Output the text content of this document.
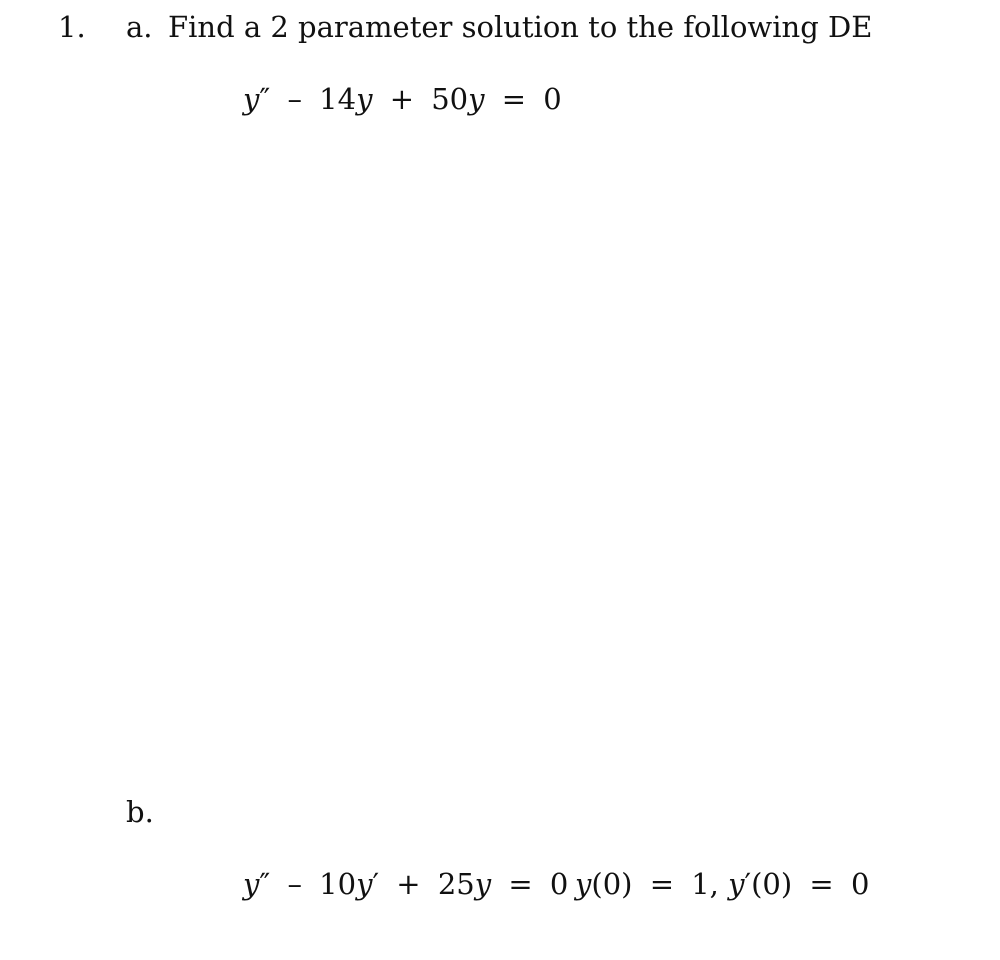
1. a. Find a 2 parameter solution to the following DE
y″ – 14y + 50y = 0
b.
y″ – 10y′ + 25y = 0 y(0) = 1, y′(0) = 0
